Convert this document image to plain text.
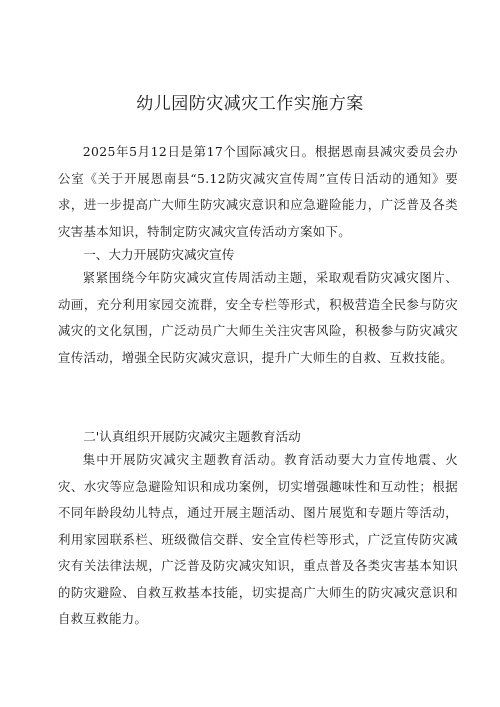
幼儿园防灾减灾工作实施方案

2025年5月12日是第17个国际减灾日。根据恩南县减灾委员会办公室《关于开展恩南县“5.12防灾减灾宣传周”宣传日活动的通知》要求，进一步提高广大师生防灾减灾意识和应急避险能力，广泛普及各类灾害基本知识，特制定防灾减灾宣传活动方案如下。

一、大力开展防灾减灾宣传

紧紧围绕今年防灾减灾宣传周活动主题，采取观看防灾减灾图片、动画，充分利用家园交流群，安全专栏等形式，积极营造全民参与防灾减灾的文化氛围，广泛动员广大师生关注灾害风险，积极参与防灾减灾宣传活动，增强全民防灾减灾意识，提升广大师生的自救、互救技能。

二'认真组织开展防灾减灾主题教育活动

集中开展防灾减灾主题教育活动。教育活动要大力宣传地震、火灾、水灾等应急避险知识和成功案例，切实增强趣味性和互动性；根据不同年龄段幼儿特点，通过开展主题活动、图片展览和专题片等活动，利用家园联系栏、班级微信交群、安全宣传栏等形式，广泛宣传防灾减灾有关法律法规，广泛普及防灾减灾知识，重点普及各类灾害基本知识的防灾避险、自救互救基本技能，切实提高广大师生的防灾减灾意识和自救互救能力。
